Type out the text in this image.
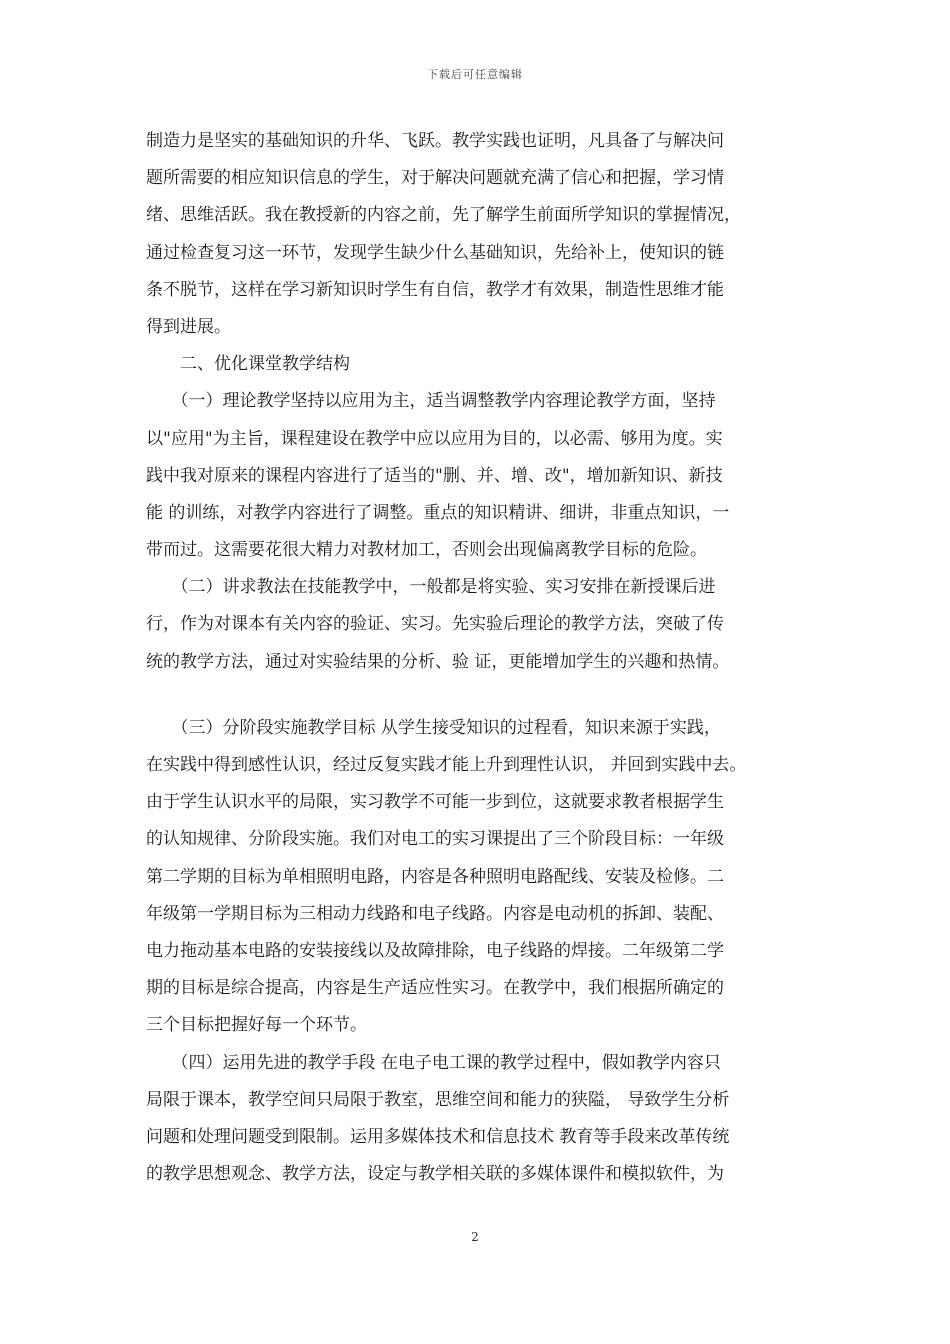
下载后可任意编辑
制造力是坚实的基础知识的升华、飞跃。教学实践也证明，凡具备了与解决问
题所需要的相应知识信息的学生，对于解决问题就充满了信心和把握，学习情
绪、思维活跃。我在教授新的内容之前，先了解学生前面所学知识的掌握情况，
通过检查复习这一环节，发现学生缺少什么基础知识，先给补上，使知识的链
条不脱节，这样在学习新知识时学生有自信，教学才有效果，制造性思维才能
得到进展。
　　二、优化课堂教学结构
　　（一）理论教学坚持以应用为主，适当调整教学内容理论教学方面，坚持
以"应用"为主旨，课程建设在教学中应以应用为目的，以必需、够用为度。实
践中我对原来的课程内容进行了适当的"删、并、增、改"，增加新知识、新技
能 的训练，对教学内容进行了调整。重点的知识精讲、细讲，非重点知识，一
带而过。这需要花很大精力对教材加工，否则会出现偏离教学目标的危险。
　　（二）讲求教法在技能教学中，一般都是将实验、实习安排在新授课后进
行，作为对课本有关内容的验证、实习。先实验后理论的教学方法，突破了传
统的教学方法，通过对实验结果的分析、验 证，更能增加学生的兴趣和热情。
　　（三）分阶段实施教学目标 从学生接受知识的过程看，知识来源于实践，
在实践中得到感性认识，经过反复实践才能上升到理性认识， 并回到实践中去。
由于学生认识水平的局限，实习教学不可能一步到位，这就要求教者根据学生
的认知规律、分阶段实施。我们对电工的实习课提出了三个阶段目标：一年级
第二学期的目标为单相照明电路，内容是各种照明电路配线、安装及检修。二
年级第一学期目标为三相动力线路和电子线路。内容是电动机的拆卸、装配、
电力拖动基本电路的安装接线以及故障排除，电子线路的焊接。二年级第二学
期的目标是综合提高，内容是生产适应性实习。在教学中，我们根据所确定的
三个目标把握好每一个环节。
　　（四）运用先进的教学手段 在电子电工课的教学过程中，假如教学内容只
局限于课本，教学空间只局限于教室，思维空间和能力的狭隘， 导致学生分析
问题和处理问题受到限制。运用多媒体技术和信息技术 教育等手段来改革传统
的教学思想观念、教学方法，设定与教学相关联的多媒体课件和模拟软件，为
2
